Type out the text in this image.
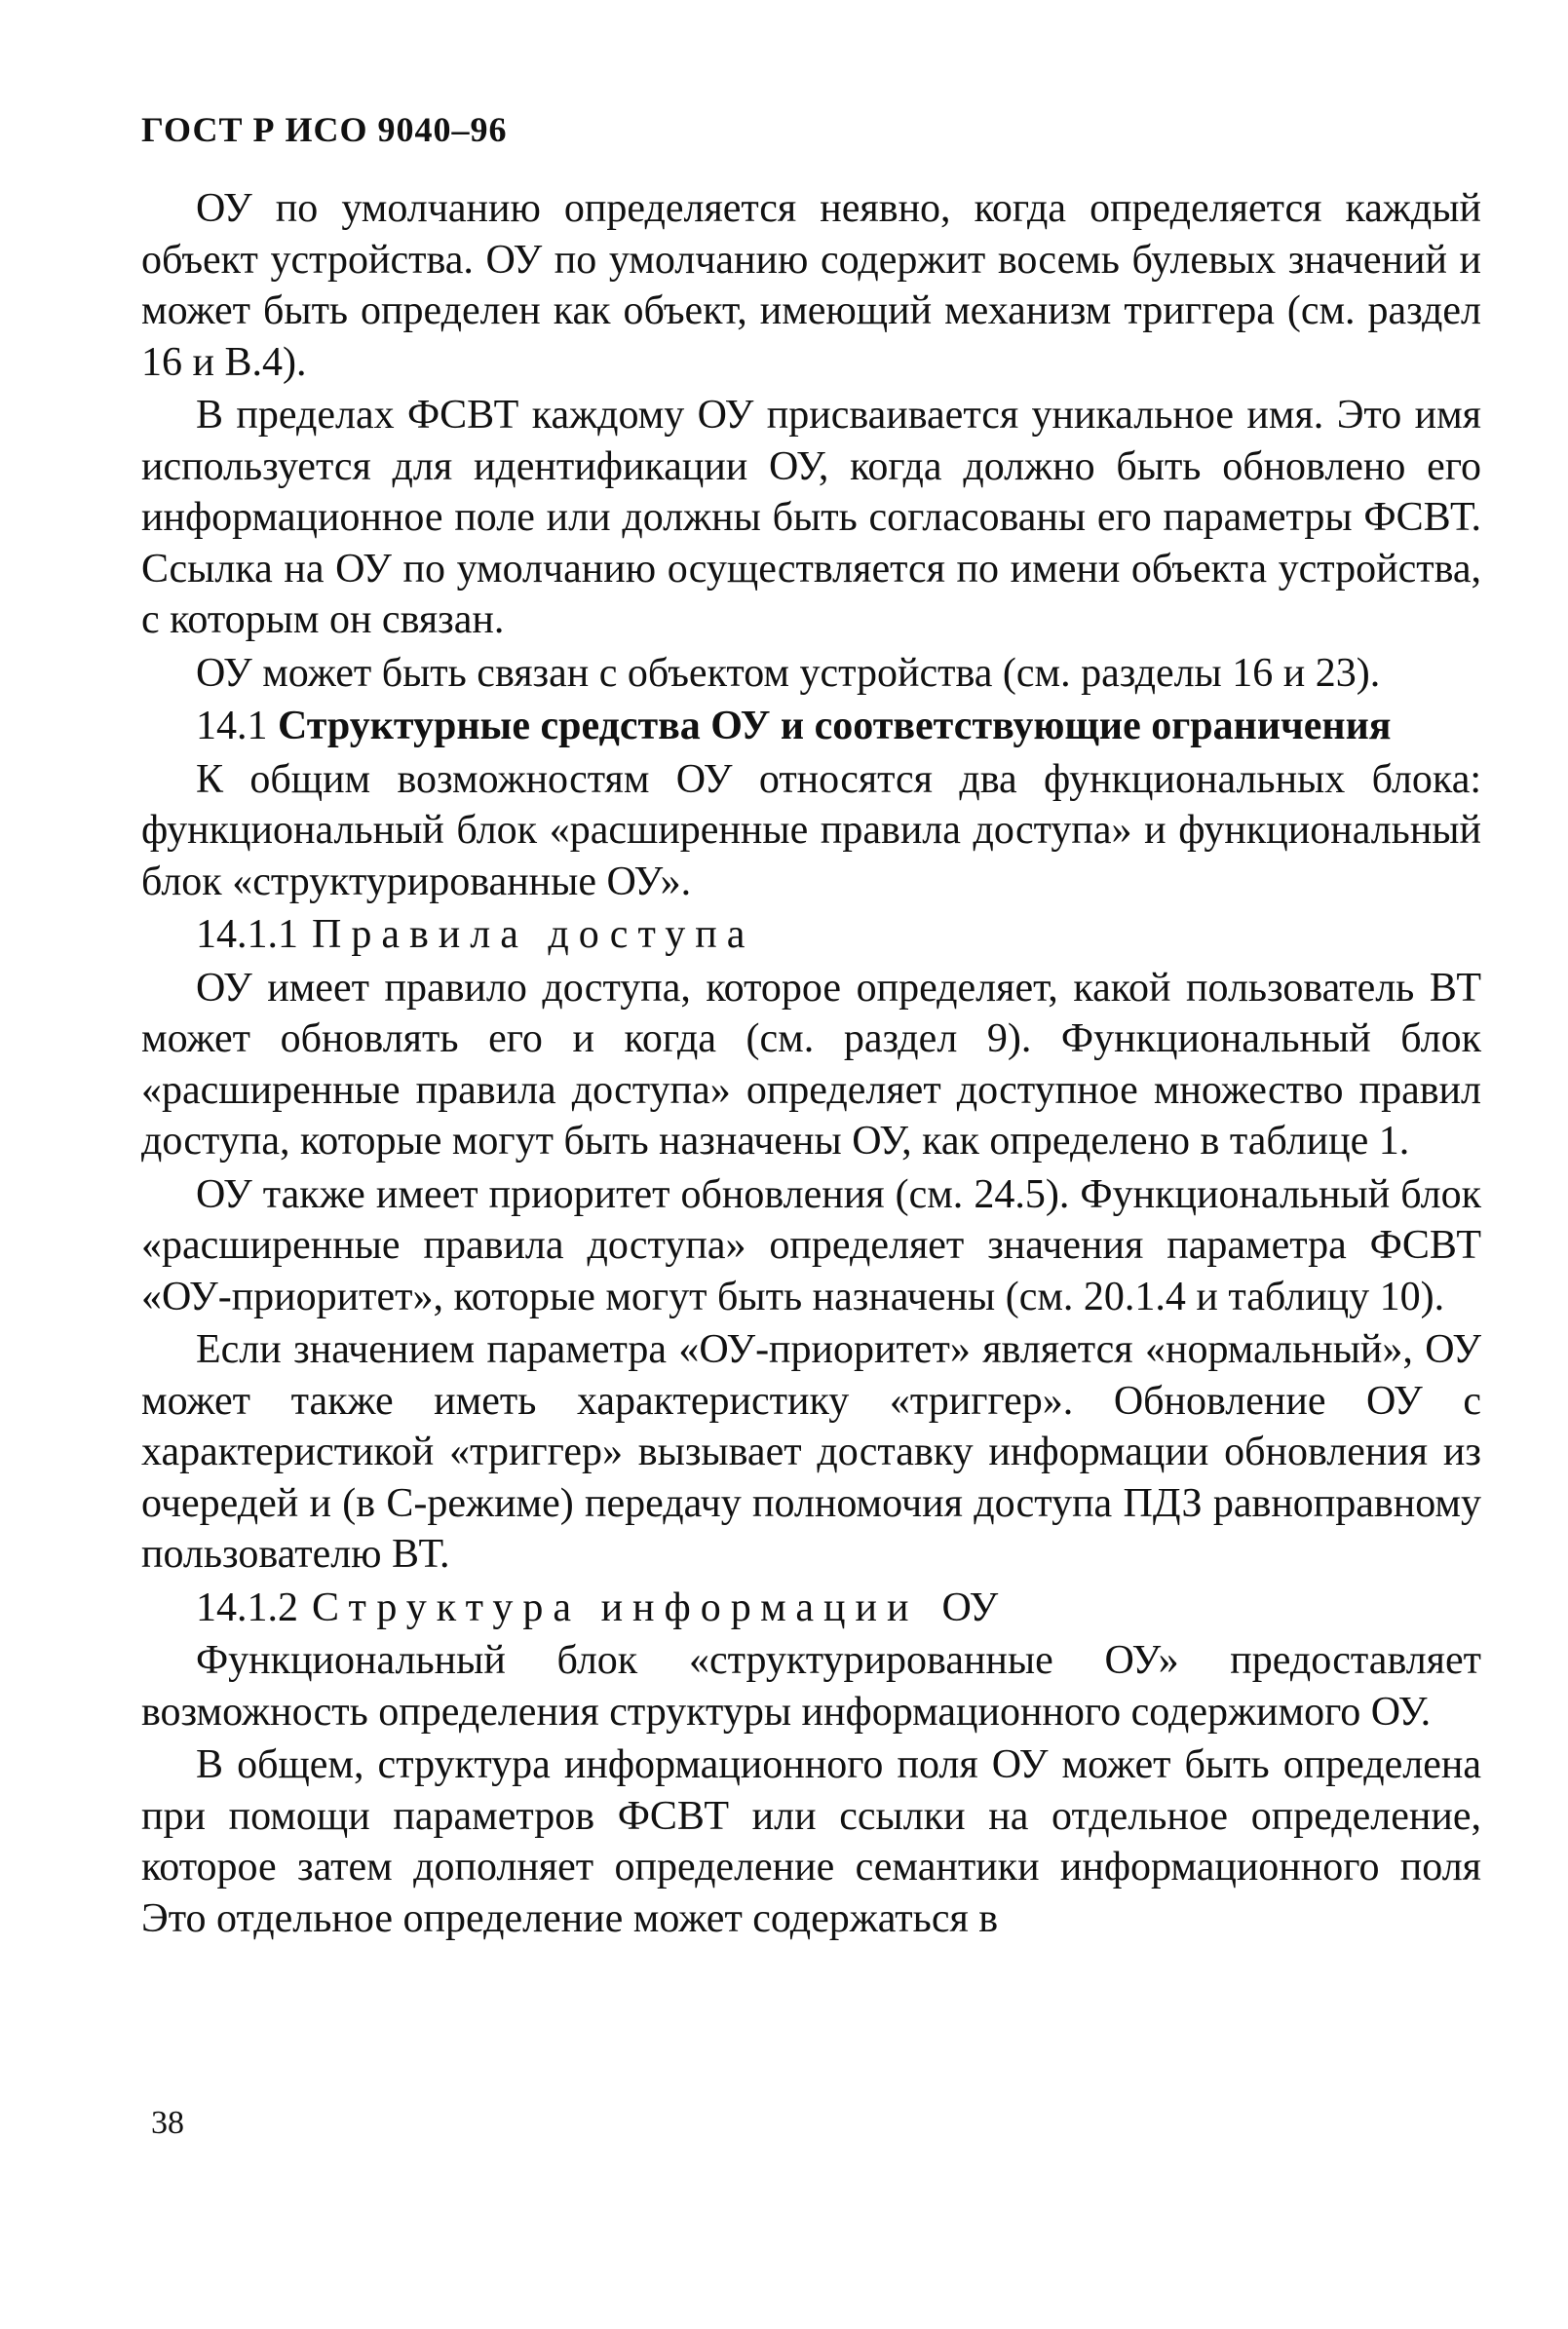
ГОСТ Р ИСО 9040–96

ОУ по умолчанию определяется неявно, когда определяется каждый объект устройства. ОУ по умолчанию содержит восемь булевых значений и может быть определен как объект, имеющий механизм триггера (см. раздел 16 и B.4).

В пределах ФСВТ каждому ОУ присваивается уникальное имя. Это имя используется для идентификации ОУ, когда должно быть обновлено его информационное поле или должны быть согласованы его параметры ФСВТ. Ссылка на ОУ по умолчанию осуществляется по имени объекта устройства, с которым он связан.

ОУ может быть связан с объектом устройства (см. разделы 16 и 23).

14.1 Структурные средства ОУ и соответствующие ограничения

К общим возможностям ОУ относятся два функциональных блока: функциональный блок «расширенные правила доступа» и функциональный блок «структурированные ОУ».

14.1.1 Правила доступа

ОУ имеет правило доступа, которое определяет, какой пользователь ВТ может обновлять его и когда (см. раздел 9). Функциональный блок «расширенные правила доступа» определяет доступное множество правил доступа, которые могут быть назначены ОУ, как определено в таблице 1.

ОУ также имеет приоритет обновления (см. 24.5). Функциональный блок «расширенные правила доступа» определяет значения параметра ФСВТ «ОУ-приоритет», которые могут быть назначены (см. 20.1.4 и таблицу 10).

Если значением параметра «ОУ-приоритет» является «нормальный», ОУ может также иметь характеристику «триггер». Обновление ОУ с характеристикой «триггер» вызывает доставку информации обновления из очередей и (в С-режиме) передачу полномочия доступа ПДЗ равноправному пользователю ВТ.

14.1.2 Структура информации ОУ

Функциональный блок «структурированные ОУ» предоставляет возможность определения структуры информационного содержимого ОУ.

В общем, структура информационного поля ОУ может быть определена при помощи параметров ФСВТ или ссылки на отдельное определение, которое затем дополняет определение семантики информационного поля Это отдельное определение может содержаться в

38
